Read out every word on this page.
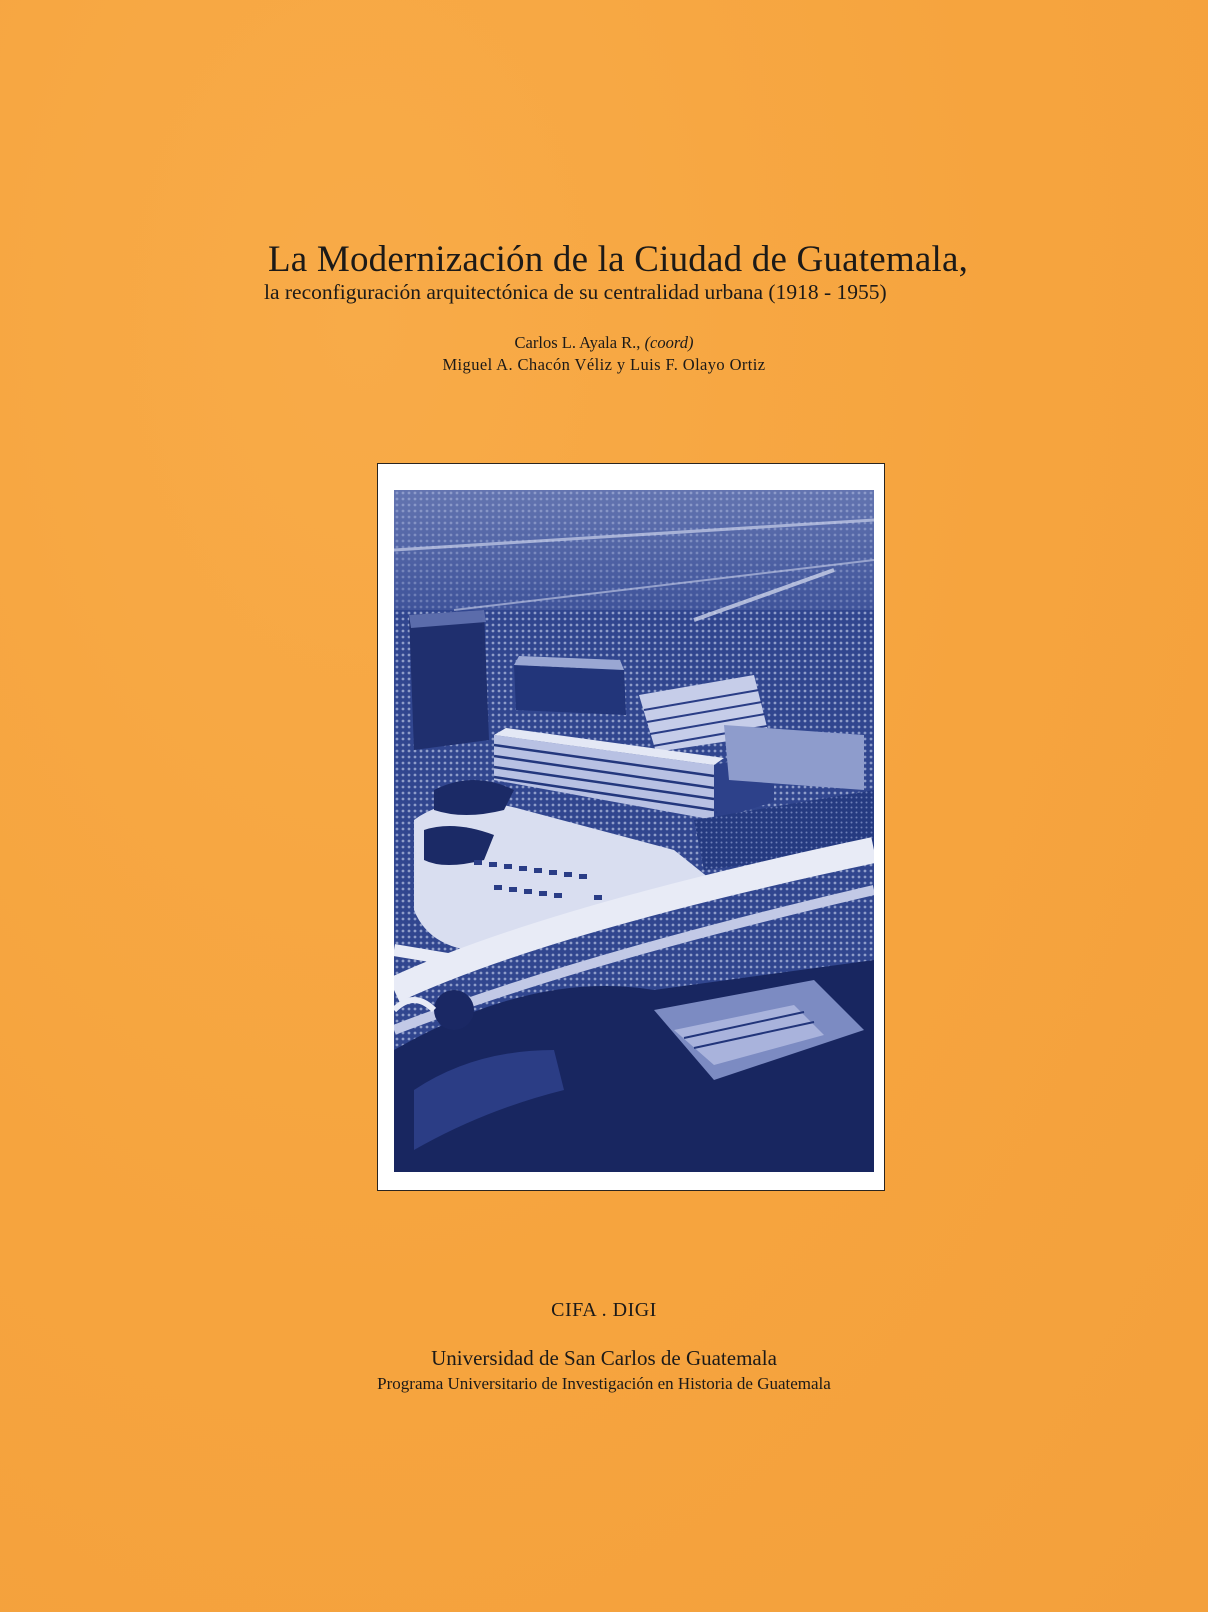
La Modernización de la Ciudad de Guatemala,
la reconfiguración arquitectónica de su centralidad urbana (1918 - 1955)
Carlos L. Ayala R., (coord)
Miguel A. Chacón Véliz y Luis F. Olayo Ortiz
CIFA . DIGI
Universidad de San Carlos de Guatemala
Programa Universitario de Investigación en Historia de Guatemala
